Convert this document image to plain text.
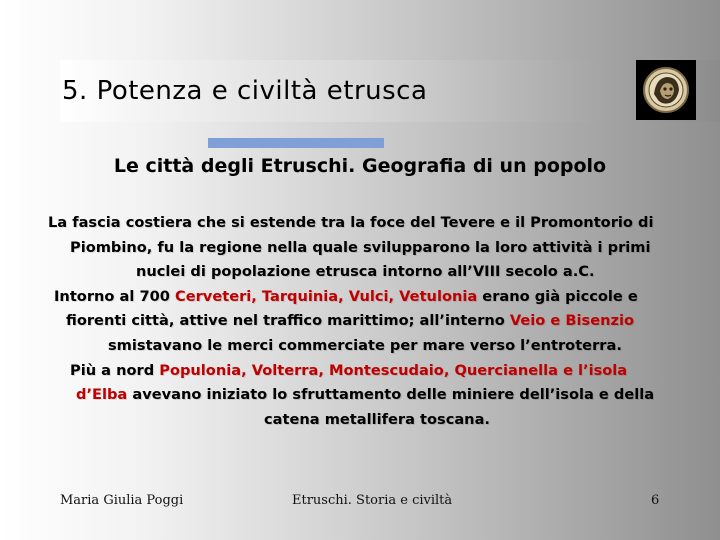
5. Potenza e civiltà etrusca
Le città degli Etruschi. Geografia di un popolo

La fascia costiera che si estende tra la foce del Tevere e il Promontorio di
Piombino, fu la regione nella quale svilupparono la loro attività i primi
nuclei di popolazione etrusca intorno all’VIII secolo a.C.

Intorno al 700 Cerveteri, Tarquinia, Vulci, Vetulonia erano già piccole e
fiorenti città, attive nel traffico marittimo; all’interno Veio e Bisenzio
smistavano le merci commerciate per mare verso l’entroterra.

Più a nord Populonia, Volterra, Montescudaio, Quercianella e l’isola
d’Elba avevano iniziato lo sfruttamento delle miniere dell’isola e della
catena metallifera toscana.

Maria Giulia Poggi	Etruschi. Storia e civiltà	6
